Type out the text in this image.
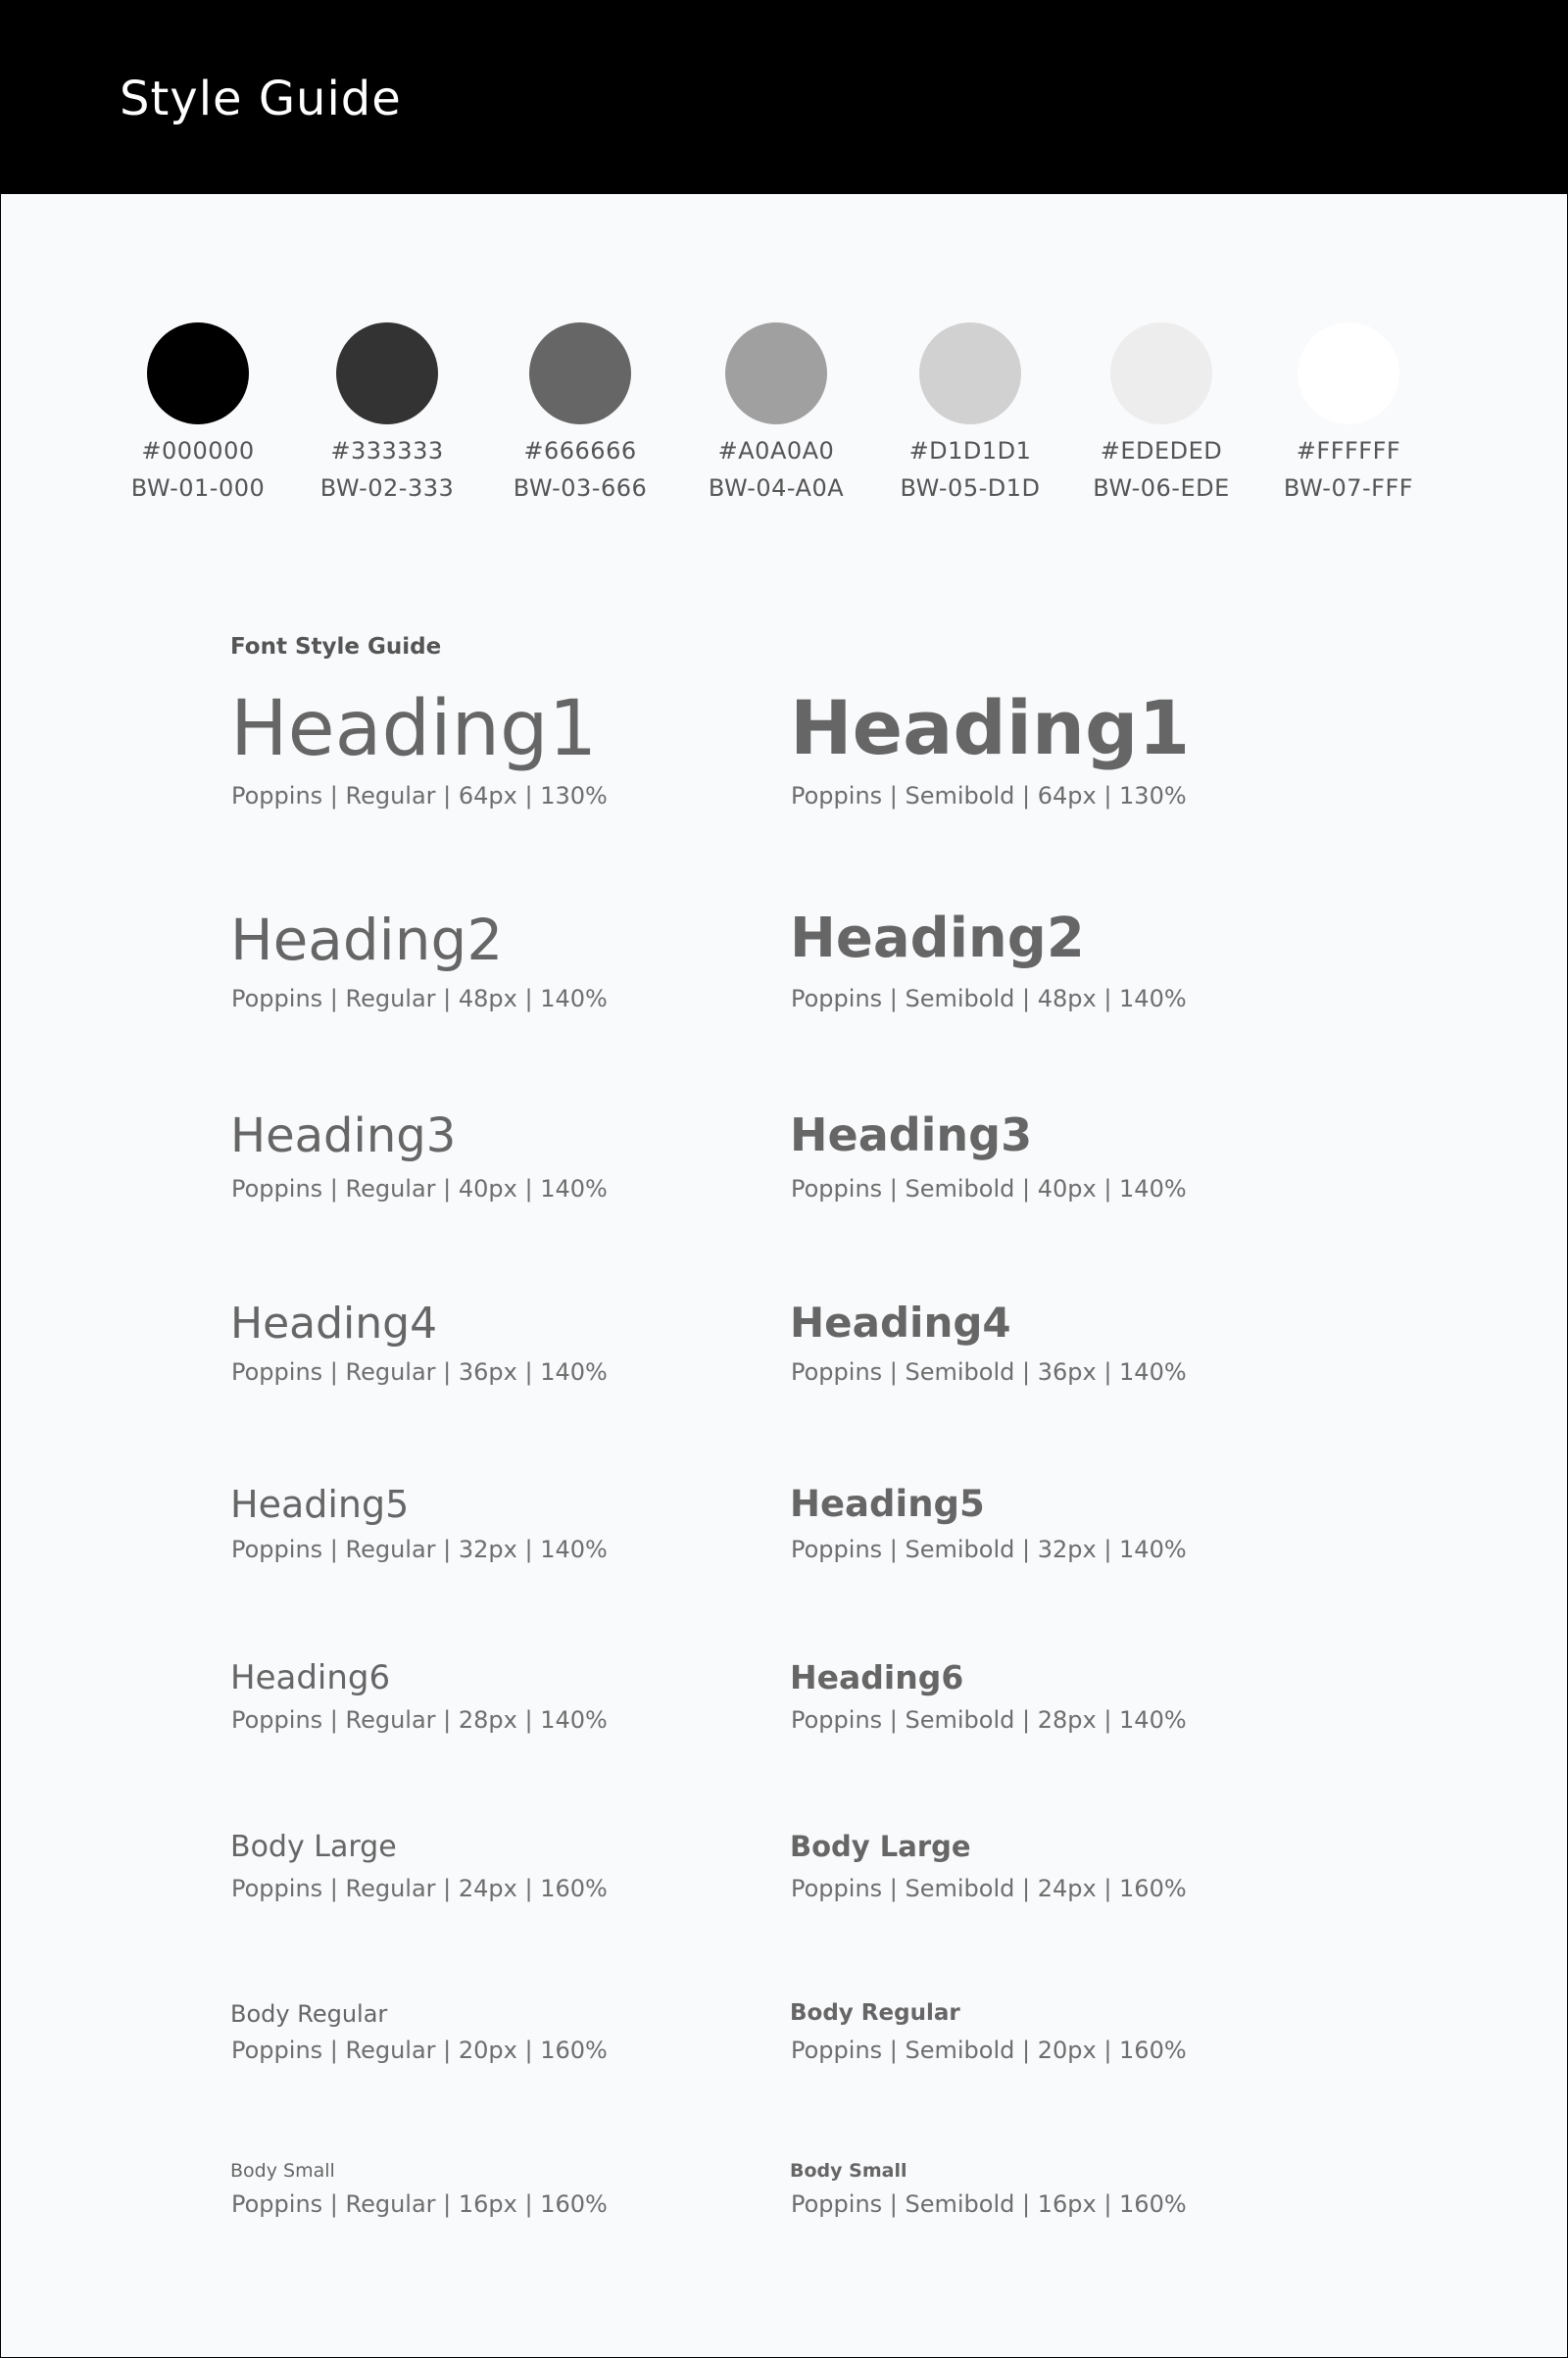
Style Guide
#000000
BW-01-000
#333333
BW-02-333
#666666
BW-03-666
#A0A0A0
BW-04-A0A
#D1D1D1
BW-05-D1D
#EDEDED
BW-06-EDE
#FFFFFF
BW-07-FFF
Font Style Guide
Heading1
Poppins | Regular | 64px | 130%
Heading2
Poppins | Regular | 48px | 140%
Heading3
Poppins | Regular | 40px | 140%
Heading4
Poppins | Regular | 36px | 140%
Heading5
Poppins | Regular | 32px | 140%
Heading6
Poppins | Regular | 28px | 140%
Body Large
Poppins | Regular | 24px | 160%
Body Regular
Poppins | Regular | 20px | 160%
Body Small
Poppins | Regular | 16px | 160%
Heading1
Poppins | Semibold | 64px | 130%
Heading2
Poppins | Semibold | 48px | 140%
Heading3
Poppins | Semibold | 40px | 140%
Heading4
Poppins | Semibold | 36px | 140%
Heading5
Poppins | Semibold | 32px | 140%
Heading6
Poppins | Semibold | 28px | 140%
Body Large
Poppins | Semibold | 24px | 160%
Body Regular
Poppins | Semibold | 20px | 160%
Body Small
Poppins | Semibold | 16px | 160%
